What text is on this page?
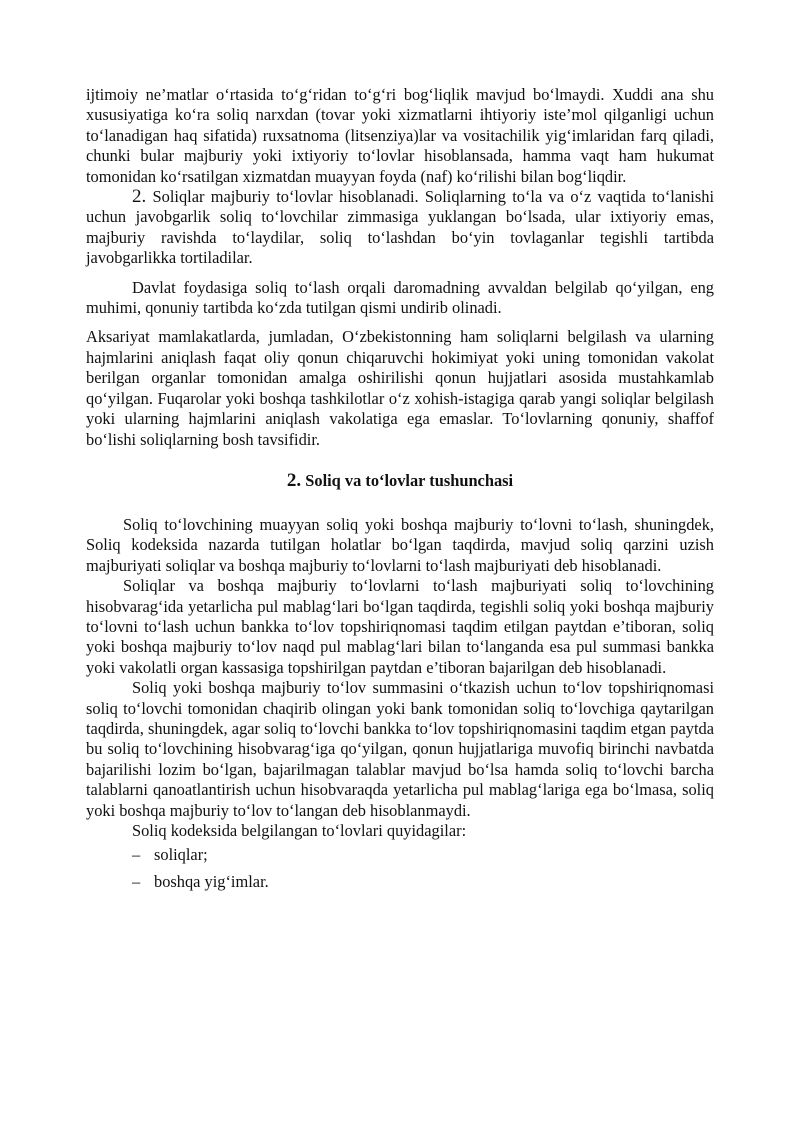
ijtimoiy ne’matlar o‘rtasida to‘g‘ridan to‘g‘ri bog‘liqlik mavjud bo‘lmaydi. Xuddi ana shu xususiyatiga ko‘ra soliq narxdan (tovar yoki xizmatlarni ihtiyoriy iste’mol qilganligi uchun to‘lanadigan haq sifatida) ruxsatnoma (litsenziya)lar va vositachilik yig‘imlaridan farq qiladi, chunki bular majburiy yoki ixtiyoriy to‘lovlar hisoblansada, hamma vaqt ham hukumat tomonidan ko‘rsatilgan xizmatdan muayyan foyda (naf) ko‘rilishi bilan bog‘liqdir.

2. Soliqlar majburiy to‘lovlar hisoblanadi. Soliqlarning to‘la va o‘z vaqtida to‘lanishi uchun javobgarlik soliq to‘lovchilar zimmasiga yuklangan bo‘lsada, ular ixtiyoriy emas, majburiy ravishda to‘laydilar, soliq to‘lashdan bo‘yin tovlaganlar tegishli tartibda javobgarlikka tortiladilar.

Davlat foydasiga soliq to‘lash orqali daromadning avvaldan belgilab qo‘yilgan, eng muhimi, qonuniy tartibda ko‘zda tutilgan qismi undirib olinadi.

Aksariyat mamlakatlarda, jumladan, O‘zbekistonning ham soliqlarni belgilash va ularning hajmlarini aniqlash faqat oliy qonun chiqaruvchi hokimiyat yoki uning tomonidan vakolat berilgan organlar tomonidan amalga oshirilishi qonun hujjatlari asosida mustahkamlab qo‘yilgan. Fuqarolar yoki boshqa tashkilotlar o‘z xohish-istagiga qarab yangi soliqlar belgilash yoki ularning hajmlarini aniqlash vakolatiga ega emaslar. To‘lovlarning qonuniy, shaffof bo‘lishi soliqlarning bosh tavsifidir.

2. Soliq va to‘lovlar tushunchasi

Soliq to‘lovchining muayyan soliq yoki boshqa majburiy to‘lovni to‘lash, shuningdek, Soliq kodeksida nazarda tutilgan holatlar bo‘lgan taqdirda, mavjud soliq qarzini uzish majburiyati soliqlar va boshqa majburiy to‘lovlarni to‘lash majburiyati deb hisoblanadi.

Soliqlar va boshqa majburiy to‘lovlarni to‘lash majburiyati soliq to‘lovchining hisobvarag‘ida yetarlicha pul mablag‘lari bo‘lgan taqdirda, tegishli soliq yoki boshqa majburiy to‘lovni to‘lash uchun bankka to‘lov topshiriqnomasi taqdim etilgan paytdan e’tiboran, soliq yoki boshqa majburiy to‘lov naqd pul mablag‘lari bilan to‘langanda esa pul summasi bankka yoki vakolatli organ kassasiga topshirilgan paytdan e’tiboran bajarilgan deb hisoblanadi.

Soliq yoki boshqa majburiy to‘lov summasini o‘tkazish uchun to‘lov topshiriqnomasi soliq to‘lovchi tomonidan chaqirib olingan yoki bank tomonidan soliq to‘lovchiga qaytarilgan taqdirda, shuningdek, agar soliq to‘lovchi bankka to‘lov topshiriqnomasini taqdim etgan paytda bu soliq to‘lovchining hisobvarag‘iga qo‘yilgan, qonun hujjatlariga muvofiq birinchi navbatda bajarilishi lozim bo‘lgan, bajarilmagan talablar mavjud bo‘lsa hamda soliq to‘lovchi barcha talablarni qanoatlantirish uchun hisobvaraqda yetarlicha pul mablag‘lariga ega bo‘lmasa, soliq yoki boshqa majburiy to‘lov to‘langan deb hisoblanmaydi.

Soliq kodeksida belgilangan to‘lovlari quyidagilar:

– soliqlar;
– boshqa yig‘imlar.
